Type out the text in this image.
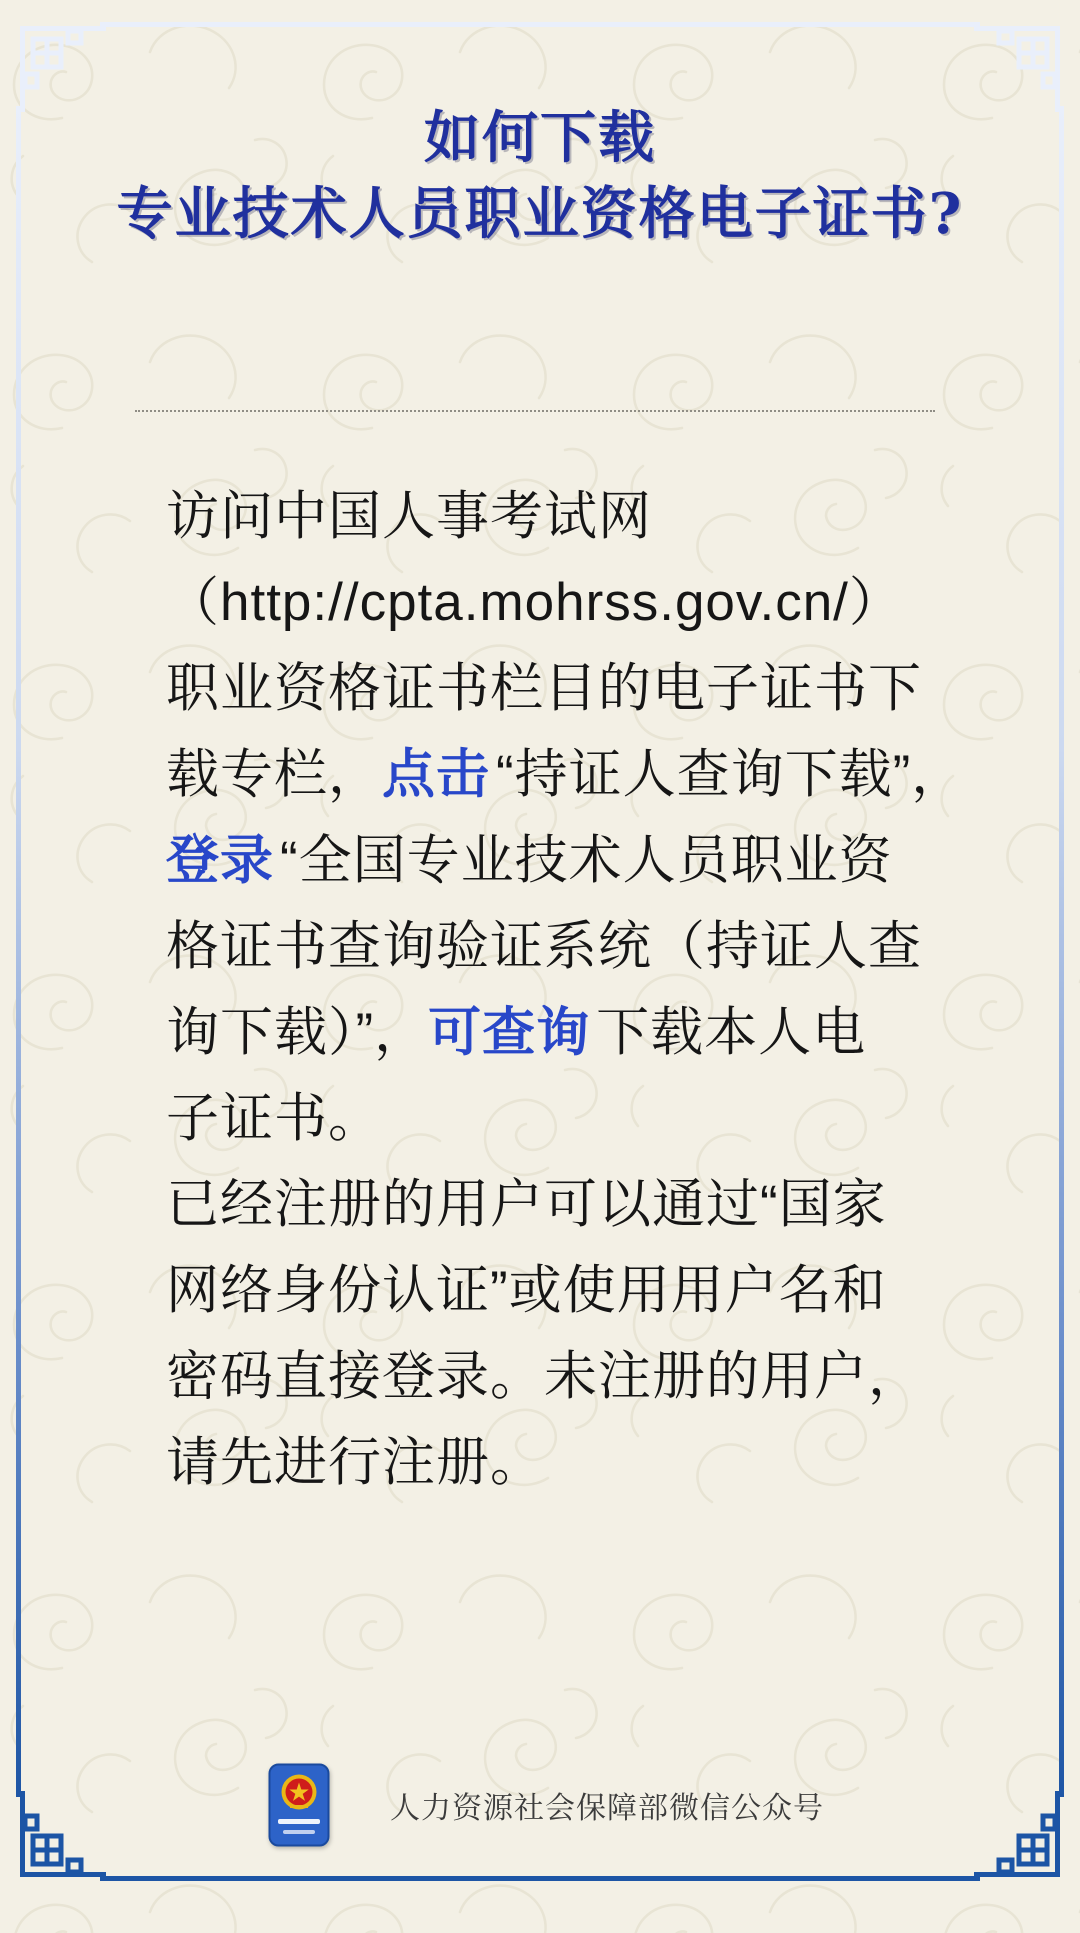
如何下载
专业技术人员职业资格电子证书?
访问中国人事考试网
（http://cpta.mohrss.gov.cn/）
职业资格证书栏目的电子证书下
载专栏，点击 “持证人查询下载”，
登录 “全国专业技术人员职业资
格证书查询验证系统（持证人查
询下载）”，可查询 下载本人电
子证书。
已经注册的用户可以通过“国家
网络身份认证”或使用用户名和
密码直接登录。未注册的用户，
请先进行注册。
人力资源社会保障部微信公众号
